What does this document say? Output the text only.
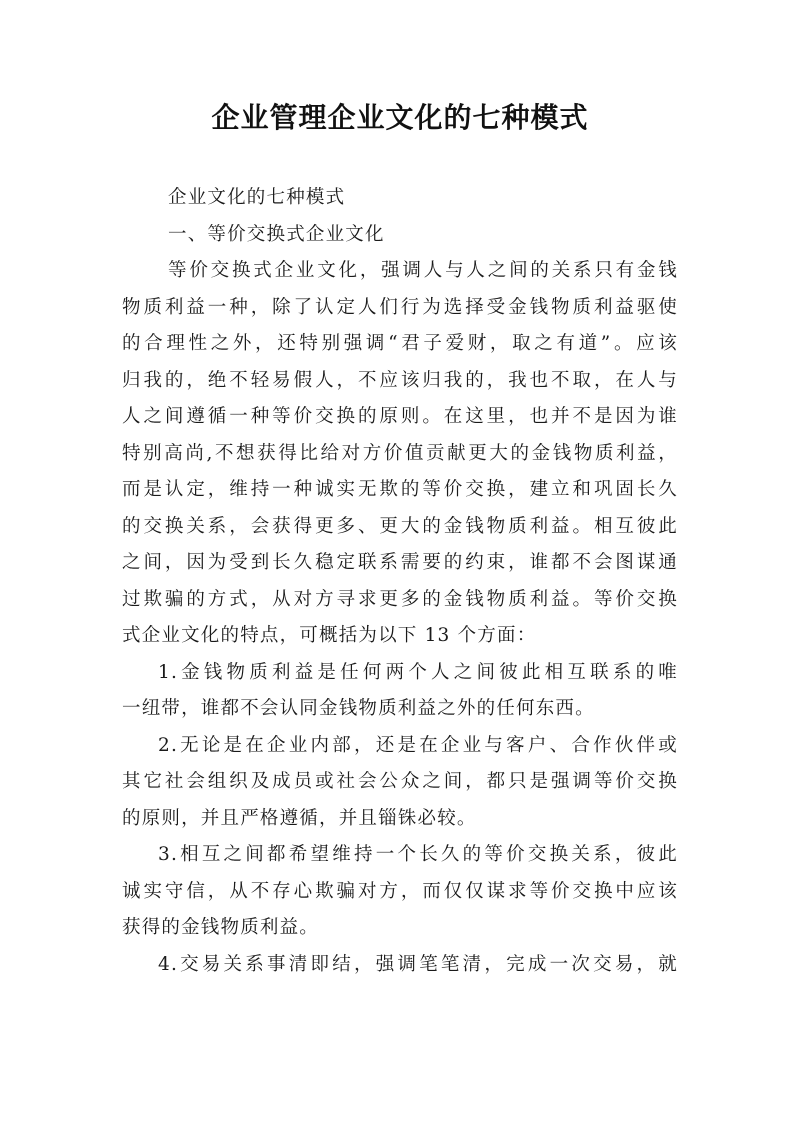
企业管理企业文化的七种模式
企业文化的七种模式
一、等价交换式企业文化
等价交换式企业文化，强调人与人之间的关系只有金钱
物质利益一种，除了认定人们行为选择受金钱物质利益驱使
的合理性之外，还特别强调“君子爱财，取之有道”。应该
归我的，绝不轻易假人，不应该归我的，我也不取，在人与
人之间遵循一种等价交换的原则。在这里，也并不是因为谁
特别高尚,不想获得比给对方价值贡献更大的金钱物质利益，
而是认定，维持一种诚实无欺的等价交换，建立和巩固长久
的交换关系，会获得更多、更大的金钱物质利益。相互彼此
之间，因为受到长久稳定联系需要的约束，谁都不会图谋通
过欺骗的方式，从对方寻求更多的金钱物质利益。等价交换
式企业文化的特点，可概括为以下 13 个方面：
1.金钱物质利益是任何两个人之间彼此相互联系的唯
一纽带，谁都不会认同金钱物质利益之外的任何东西。
2.无论是在企业内部，还是在企业与客户、合作伙伴或
其它社会组织及成员或社会公众之间，都只是强调等价交换
的原则，并且严格遵循，并且锱铢必较。
3.相互之间都希望维持一个长久的等价交换关系，彼此
诚实守信，从不存心欺骗对方，而仅仅谋求等价交换中应该
获得的金钱物质利益。
4.交易关系事清即结，强调笔笔清，完成一次交易，就
